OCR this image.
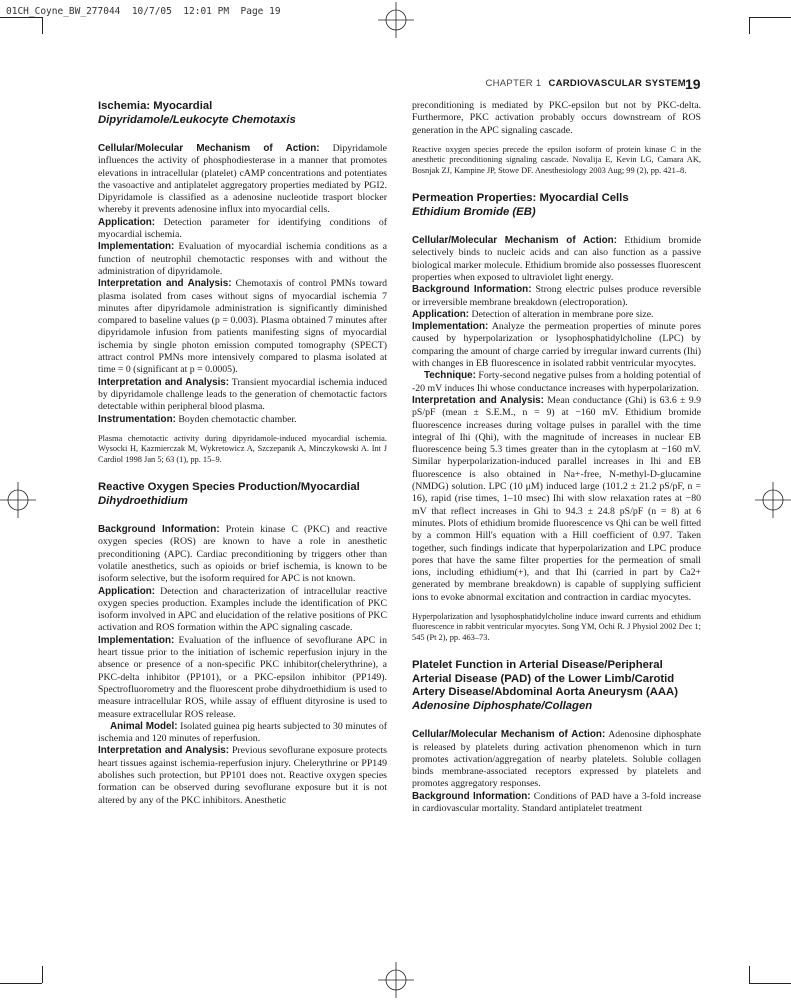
01CH_Coyne_BW_277044  10/7/05  12:01 PM  Page 19
CHAPTER 1 CARDIOVASCULAR SYSTEM 19
Ischemia: Myocardial
Dipyridamole/Leukocyte Chemotaxis

Cellular/Molecular Mechanism of Action: Dipyridamole influences the activity of phosphodiesterase in a manner that promotes elevations in intracellular (platelet) cAMP concentrations and potentiates the vasoactive and antiplatelet aggregatory properties mediated by PGI2. Dipyridamole is classified as a adenosine nucleotide trasport blocker whereby it prevents adenosine influx into myocardial cells.

Application: Detection parameter for identifying conditions of myocardial ischemia.

Implementation: Evaluation of myocardial ischemia conditions as a function of neutrophil chemotactic responses with and without the administration of dipyridamole.

Interpretation and Analysis: Chemotaxis of control PMNs toward plasma isolated from cases without signs of myocardial ischemia 7 minutes after dipyridamole administration is significantly diminished compared to baseline values (p = 0.003). Plasma obtained 7 minutes after dipyridamole infusion from patients manifesting signs of myocardial ischemia by single photon emission computed tomography (SPECT) attract control PMNs more intensively compared to plasma isolated at time = 0 (significant at p = 0.0005).

Interpretation and Analysis: Transient myocardial ischemia induced by dipyridamole challenge leads to the generation of chemotactic factors detectable within peripheral blood plasma.

Instrumentation: Boyden chemotactic chamber.

Plasma chemotactic activity during dipyridamole-induced myocardial ischemia. Wysocki H, Kazmierczak M, Wykretowicz A, Szczepanik A, Minczykowski A. Int J Cardiol 1998 Jan 5; 63 (1), pp. 15–9.

Reactive Oxygen Species Production/Myocardial
Dihydroethidium

Background Information: Protein kinase C (PKC) and reactive oxygen species (ROS) are known to have a role in anesthetic preconditioning (APC). Cardiac preconditioning by triggers other than volatile anesthetics, such as opioids or brief ischemia, is known to be isoform selective, but the isoform required for APC is not known.

Application: Detection and characterization of intracellular reactive oxygen species production. Examples include the identification of PKC isoform involved in APC and elucidation of the relative positions of PKC activation and ROS formation within the APC signaling cascade.

Implementation: Evaluation of the influence of sevoflurane APC in heart tissue prior to the initiation of ischemic reperfusion injury in the absence or presence of a non-specific PKC inhibitor(chelerythrine), a PKC-delta inhibitor (PP101), or a PKC-epsilon inhibitor (PP149). Spectrofluorometry and the fluorescent probe dihydroethidium is used to measure intracellular ROS, while assay of effluent dityrosine is used to measure extracellular ROS release.

Animal Model: Isolated guinea pig hearts subjected to 30 minutes of ischemia and 120 minutes of reperfusion.

Interpretation and Analysis: Previous sevoflurane exposure protects heart tissues against ischemia-reperfusion injury. Chelerythrine or PP149 abolishes such protection, but PP101 does not. Reactive oxygen species formation can be observed during sevoflurane exposure but it is not altered by any of the PKC inhibitors. Anesthetic

preconditioning is mediated by PKC-epsilon but not by PKC-delta. Furthermore, PKC activation probably occurs downstream of ROS generation in the APC signaling cascade.

Reactive oxygen species precede the epsilon isoform of protein kinase C in the anesthetic preconditioning signaling cascade. Novalija E, Kevin LG, Camara AK, Bosnjak ZJ, Kampine JP, Stowe DF. Anesthesiology 2003 Aug; 99 (2), pp. 421–8.

Permeation Properties: Myocardial Cells
Ethidium Bromide (EB)

Cellular/Molecular Mechanism of Action: Ethidium bromide selectively binds to nucleic acids and can also function as a passive biological marker molecule. Ethidium bromide also possesses fluorescent properties when exposed to ultraviolet light energy.

Background Information: Strong electric pulses produce reversible or irreversible membrane breakdown (electroporation).

Application: Detection of alteration in membrane pore size.

Implementation: Analyze the permeation properties of minute pores caused by hyperpolarization or lysophosphatidylcholine (LPC) by comparing the amount of charge carried by irregular inward currents (Ihi) with changes in EB fluorescence in isolated rabbit ventricular myocytes.

Technique: Forty-second negative pulses from a holding potential of -20 mV induces Ihi whose conductance increases with hyperpolarization.

Interpretation and Analysis: Mean conductance (Ghi) is 63.6 ± 9.9 pS/pF (mean ± S.E.M., n = 9) at −160 mV. Ethidium bromide fluorescence increases during voltage pulses in parallel with the time integral of Ihi (Qhi), with the magnitude of increases in nuclear EB fluorescence being 5.3 times greater than in the cytoplasm at −160 mV. Similar hyperpolarization-induced parallel increases in Ihi and EB fluorescence is also obtained in Na+-free, N-methyl-D-glucamine (NMDG) solution. LPC (10 μM) induced large (101.2 ± 21.2 pS/pF, n = 16), rapid (rise times, 1–10 msec) Ihi with slow relaxation rates at −80 mV that reflect increases in Ghi to 94.3 ± 24.8 pS/pF (n = 8) at 6 minutes. Plots of ethidium bromide fluorescence vs Qhi can be well fitted by a common Hill's equation with a Hill coefficient of 0.97. Taken together, such findings indicate that hyperpolarization and LPC produce pores that have the same filter properties for the permeation of small ions, including ethidium(+), and that Ihi (carried in part by Ca2+ generated by membrane breakdown) is capable of supplying sufficient ions to evoke abnormal excitation and contraction in cardiac myocytes.

Hyperpolarization and lysophosphatidylcholine induce inward currents and ethidium fluorescence in rabbit ventricular myocytes. Song YM, Ochi R. J Physiol 2002 Dec 1; 545 (Pt 2), pp. 463–73.

Platelet Function in Arterial Disease/Peripheral Arterial Disease (PAD) of the Lower Limb/Carotid Artery Disease/Abdominal Aorta Aneurysm (AAA)
Adenosine Diphosphate/Collagen

Cellular/Molecular Mechanism of Action: Adenosine diphosphate is released by platelets during activation phenomenon which in turn promotes activation/aggregation of nearby platelets. Soluble collagen binds membrane-associated receptors expressed by platelets and promotes aggregatory responses.

Background Information: Conditions of PAD have a 3-fold increase in cardiovascular mortality. Standard antiplatelet treatment
